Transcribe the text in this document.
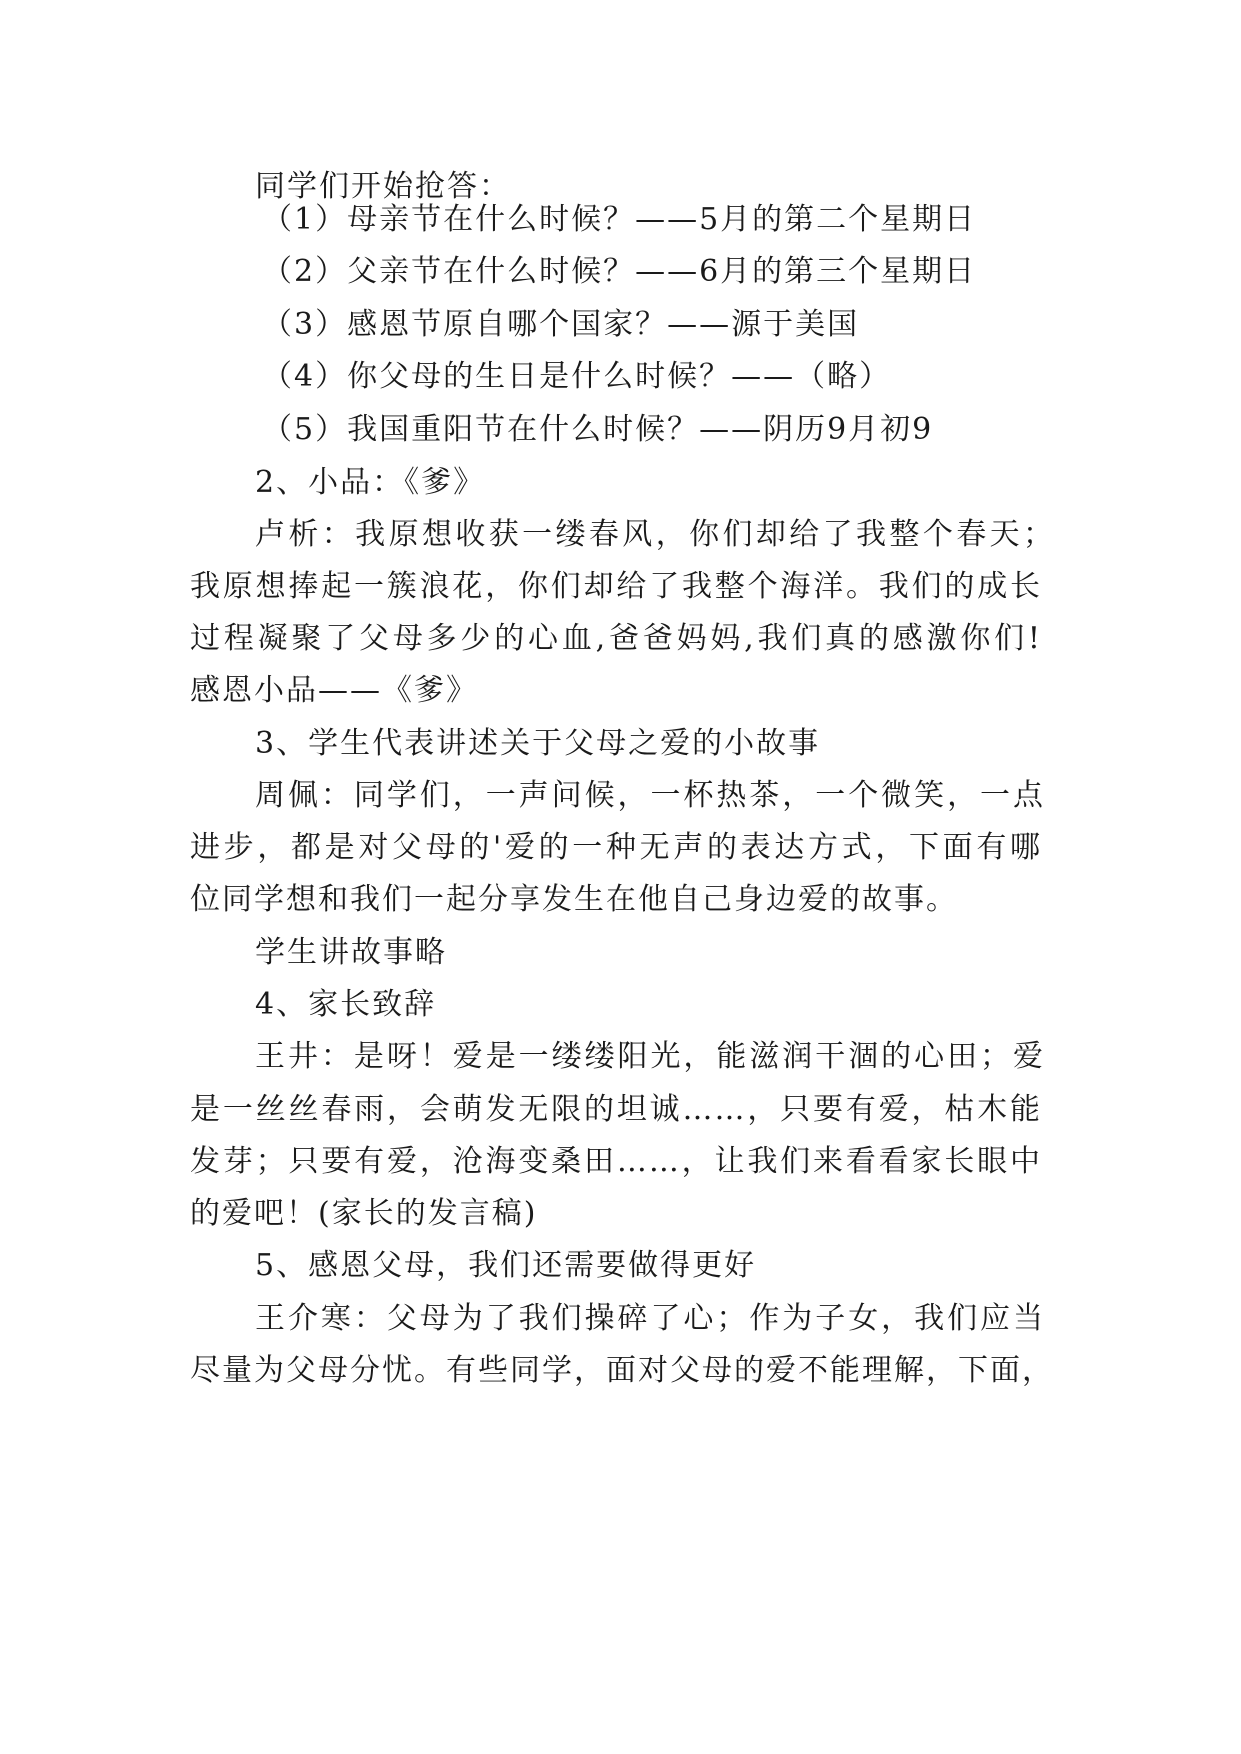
同学们开始抢答：
（1）母亲节在什么时候？——5月的第二个星期日
（2）父亲节在什么时候？——6月的第三个星期日
（3）感恩节原自哪个国家？——源于美国
（4）你父母的生日是什么时候？——（略）
（5）我国重阳节在什么时候？——阴历9月初9
2、小品：《爹》
卢析：我原想收获一缕春风，你们却给了我整个春天；
我原想捧起一簇浪花，你们却给了我整个海洋。我们的成长
过程凝聚了父母多少的心血,爸爸妈妈,我们真的感激你们!
感恩小品——《爹》
3、学生代表讲述关于父母之爱的小故事
周佩：同学们，一声问候，一杯热茶，一个微笑，一点
进步，都是对父母的'爱的一种无声的表达方式，下面有哪
位同学想和我们一起分享发生在他自己身边爱的故事。
学生讲故事略
4、家长致辞
王井：是呀！爱是一缕缕阳光，能滋润干涸的心田；爱
是一丝丝春雨，会萌发无限的坦诚……，只要有爱，枯木能
发芽；只要有爱，沧海变桑田……，让我们来看看家长眼中
的爱吧！(家长的发言稿)
5、感恩父母，我们还需要做得更好
王介寒：父母为了我们操碎了心；作为子女，我们应当
尽量为父母分忧。有些同学，面对父母的爱不能理解，下面，
